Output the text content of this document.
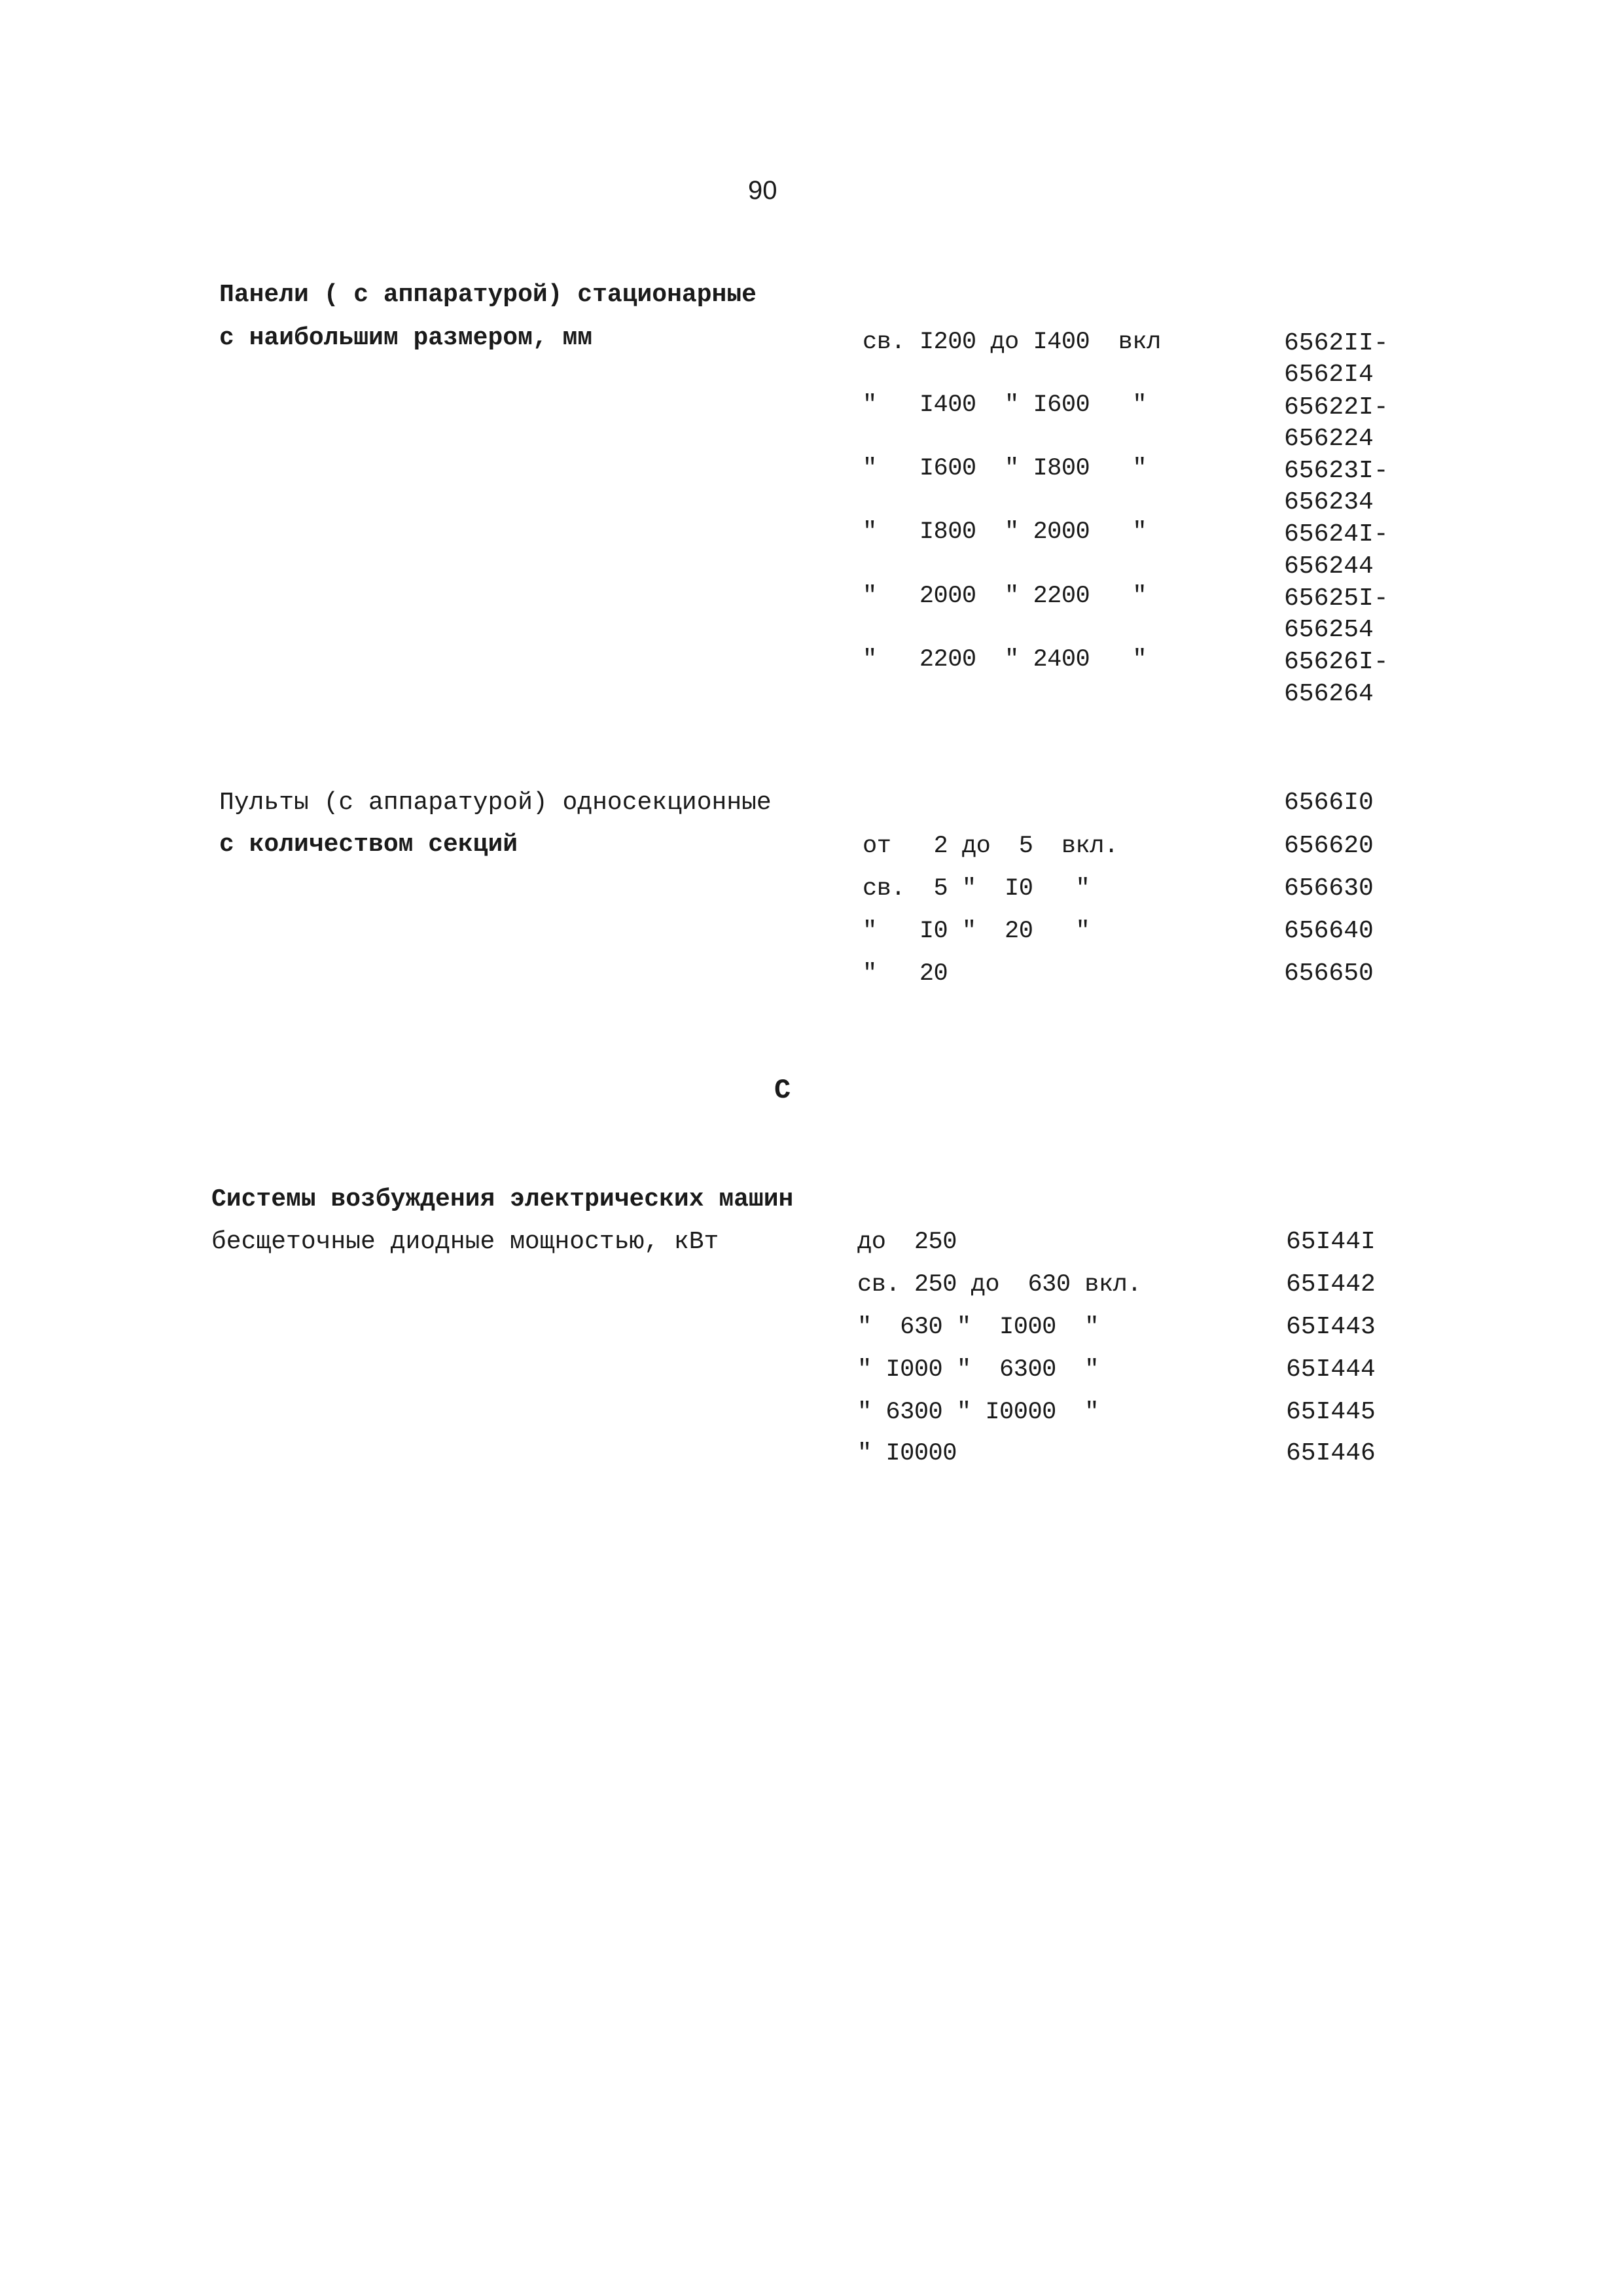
90
Панели ( с аппаратурой) стационарные
с наибольшим размером, мм	св. I200 до I400  вкл	6562II-
6562I4
"   I400  " I600   "	65622I-
656224
"   I600  " I800   "	65623I-
656234
"   I800  " 2000   "	65624I-
656244
"   2000  " 2200   "	65625I-
656254
"   2200  " 2400   "	65626I-
656264
Пульты (с аппаратурой) односекционные	6566I0
с количеством секций	от   2 до  5  вкл.	656620
св.  5 "  I0   "	656630
"   I0 "  20   "	656640
"   20	656650
С
Системы возбуждения электрических машин
бесщеточные диодные мощностью, кВт	до  250	65I44I
св. 250 до  630 вкл.	65I442
"  630 "  I000  "	65I443
" I000 "  6300  "	65I444
" 6300 " I0000  "	65I445
" I0000	65I446
